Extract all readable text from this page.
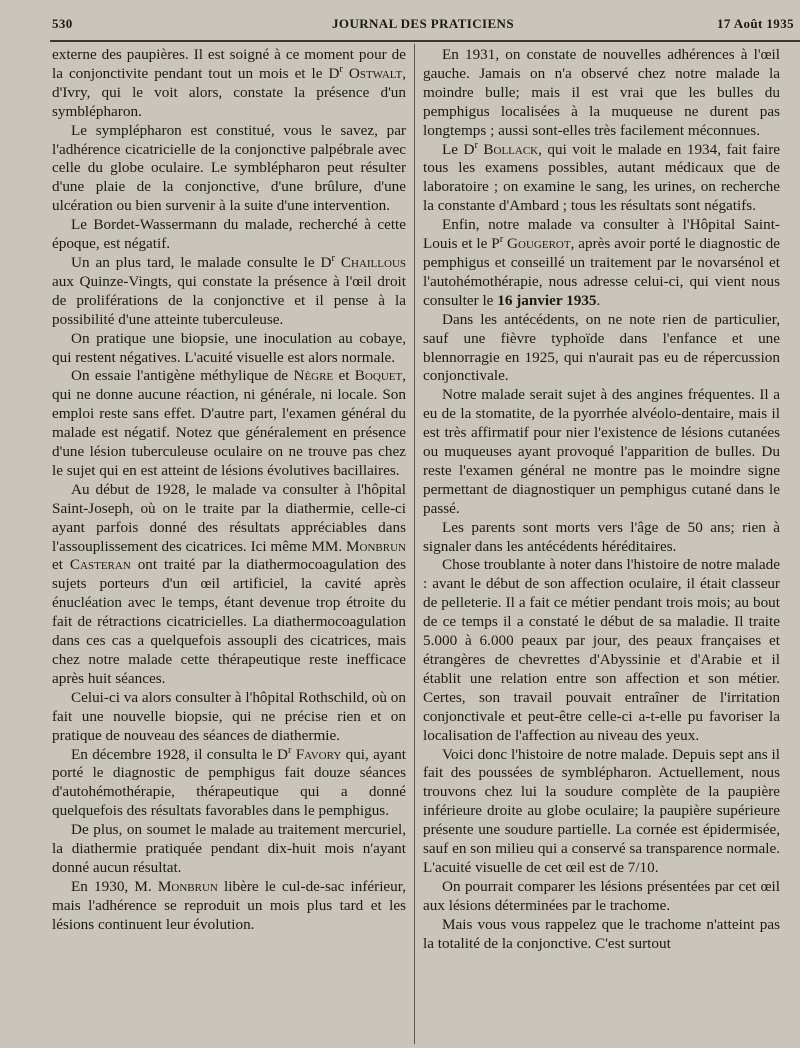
530	JOURNAL DES PRATICIENS	17 Août 1935

externe des paupières. Il est soigné à ce moment pour de la conjonctivite pendant tout un mois et le $D^r$ Ostwalt, d'Ivry, qui le voit alors, constate la présence d'un symblépharon.

Le symplépharon est constitué, vous le savez, par l'adhérence cicatricielle de la conjonctive palpébrale avec celle du globe oculaire. Le symblépharon peut résulter d'une plaie de la conjonctive, d'une brûlure, d'une ulcération ou bien survenir à la suite d'une intervention.

Le Bordet-Wassermann du malade, recherché à cette époque, est négatif.

Un an plus tard, le malade consulte le $D^r$ Chaillous aux Quinze-Vingts, qui constate la présence à l'œil droit de proliférations de la conjonctive et il pense à la possibilité d'une atteinte tuberculeuse.

On pratique une biopsie, une inoculation au cobaye, qui restent négatives. L'acuité visuelle est alors normale.

On essaie l'antigène méthylique de Nègre et Boquet, qui ne donne aucune réaction, ni générale, ni locale. Son emploi reste sans effet. D'autre part, l'examen général du malade est négatif. Notez que généralement en présence d'une lésion tuberculeuse oculaire on ne trouve pas chez le sujet qui en est atteint de lésions évolutives bacillaires.

Au début de 1928, le malade va consulter à l'hôpital Saint-Joseph, où on le traite par la diathermie, celle-ci ayant parfois donné des résultats appréciables dans l'assouplissement des cicatrices. Ici même MM. Monbrun et Casteran ont traité par la diathermocoagulation des sujets porteurs d'un œil artificiel, la cavité après énucléation avec le temps, étant devenue trop étroite du fait de rétractions cicatricielles. La diathermocoagulation dans ces cas a quelquefois assoupli des cicatrices, mais chez notre malade cette thérapeutique reste inefficace après huit séances.

Celui-ci va alors consulter à l'hôpital Rothschild, où on fait une nouvelle biopsie, qui ne précise rien et on pratique de nouveau des séances de diathermie.

En décembre 1928, il consulta le $D^r$ Favory qui, ayant porté le diagnostic de pemphigus fait douze séances d'autohémothérapie, thérapeutique qui a donné quelquefois des résultats favorables dans le pemphigus.

De plus, on soumet le malade au traitement mercuriel, la diathermie pratiquée pendant dix-huit mois n'ayant donné aucun résultat.

En 1930, M. Monbrun libère le cul-de-sac inférieur, mais l'adhérence se reproduit un mois plus tard et les lésions continuent leur évolution.

En 1931, on constate de nouvelles adhérences à l'œil gauche. Jamais on n'a observé chez notre malade la moindre bulle; mais il est vrai que les bulles du pemphigus localisées à la muqueuse ne durent pas longtemps ; aussi sont-elles très facilement méconnues.

Le $D^r$ Bollack, qui voit le malade en 1934, fait faire tous les examens possibles, autant médicaux que de laboratoire ; on examine le sang, les urines, on recherche la constante d'Ambard ; tous les résultats sont négatifs.

Enfin, notre malade va consulter à l'Hôpital Saint-Louis et le $P^r$ Gougerot, après avoir porté le diagnostic de pemphigus et conseillé un traitement par le novarsénol et l'autohémothérapie, nous adresse celui-ci, qui vient nous consulter le 16 janvier 1935.

Dans les antécédents, on ne note rien de particulier, sauf une fièvre typhoïde dans l'enfance et une blennorragie en 1925, qui n'aurait pas eu de répercussion conjonctivale.

Notre malade serait sujet à des angines fréquentes. Il a eu de la stomatite, de la pyorrhée alvéolo-dentaire, mais il est très affirmatif pour nier l'existence de lésions cutanées ou muqueuses ayant provoqué l'apparition de bulles. Du reste l'examen général ne montre pas le moindre signe permettant de diagnostiquer un pemphigus cutané dans le passé.

Les parents sont morts vers l'âge de 50 ans; rien à signaler dans les antécédents héréditaires.

Chose troublante à noter dans l'histoire de notre malade : avant le début de son affection oculaire, il était classeur de pelleterie. Il a fait ce métier pendant trois mois; au bout de ce temps il a constaté le début de sa maladie. Il traite 5.000 à 6.000 peaux par jour, des peaux françaises et étrangères de chevrettes d'Abyssinie et d'Arabie et il établit une relation entre son affection et son métier. Certes, son travail pouvait entraîner de l'irritation conjonctivale et peut-être celle-ci a-t-elle pu favoriser la localisation de l'affection au niveau des yeux.

Voici donc l'histoire de notre malade. Depuis sept ans il fait des poussées de symblépharon. Actuellement, nous trouvons chez lui la soudure complète de la paupière inférieure droite au globe oculaire; la paupière supérieure présente une soudure partielle. La cornée est épidermisée, sauf en son milieu qui a conservé sa transparence normale. L'acuité visuelle de cet œil est de 7/10.

On pourrait comparer les lésions présentées par cet œil aux lésions déterminées par le trachome.

Mais vous vous rappelez que le trachome n'atteint pas la totalité de la conjonctive. C'est surtout
